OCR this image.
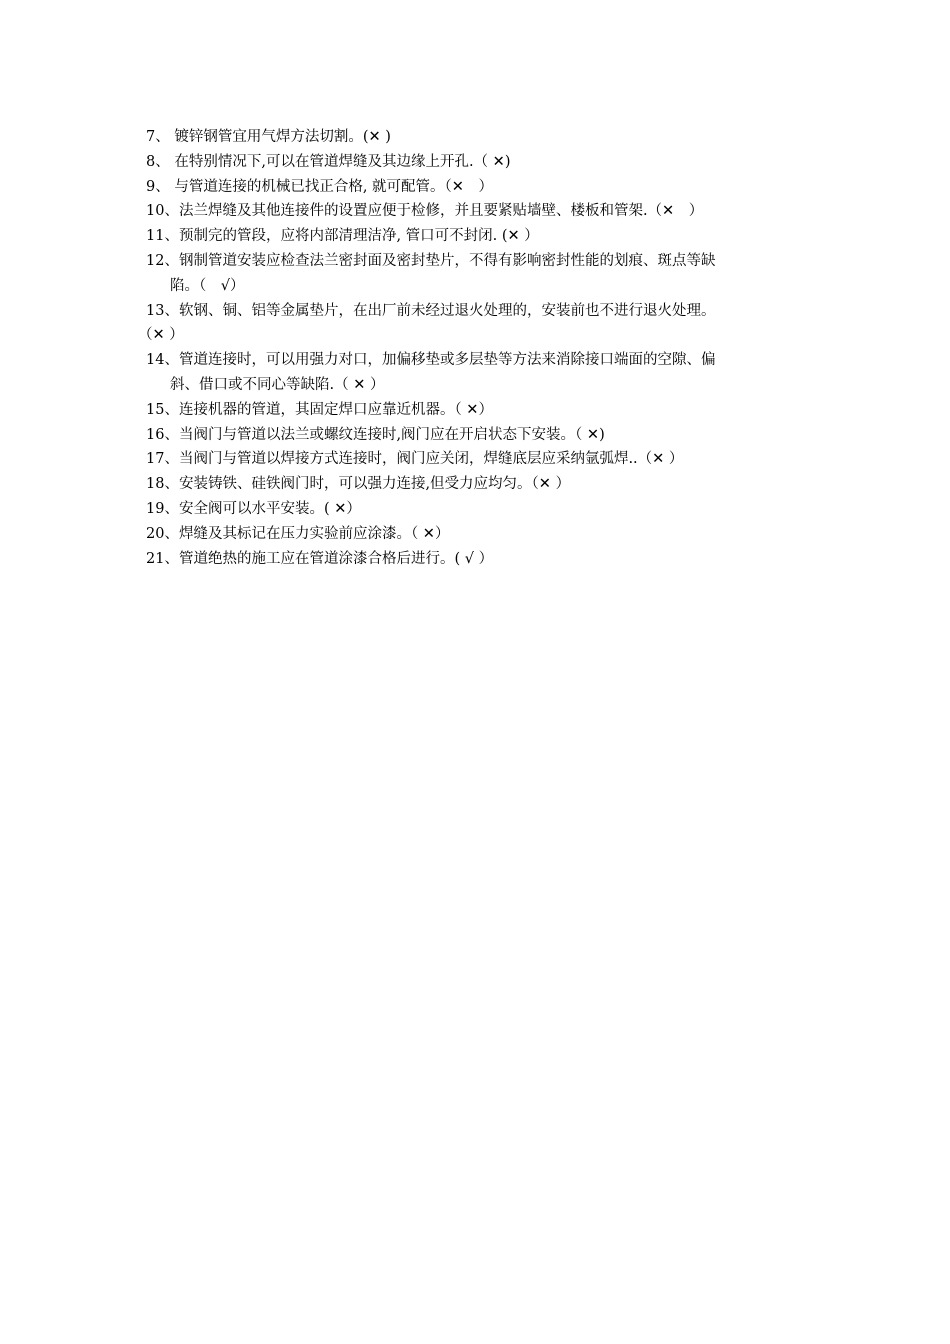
7、 镀锌钢管宜用气焊方法切割。(✕ )
8、 在特别情况下,可以在管道焊缝及其边缘上开孔.（ ✕)
9、 与管道连接的机械已找正合格, 就可配管。（✕　）
10、法兰焊缝及其他连接件的设置应便于检修，并且要紧贴墙壁、楼板和管架.（✕　）
11、预制完的管段，应将内部清理洁净, 管口可不封闭. (✕ ）
12、钢制管道安装应检查法兰密封面及密封垫片，不得有影响密封性能的划痕、斑点等缺
陷。（　√）
13、软钢、铜、铝等金属垫片，在出厂前未经过退火处理的，安装前也不进行退火处理。
（✕ ）
14、管道连接时，可以用强力对口，加偏移垫或多层垫等方法来消除接口端面的空隙、偏
斜、借口或不同心等缺陷.（ ✕ ）
15、连接机器的管道，其固定焊口应靠近机器。（ ✕）
16、当阀门与管道以法兰或螺纹连接时,阀门应在开启状态下安装。（ ✕)
17、当阀门与管道以焊接方式连接时，阀门应关闭，焊缝底层应采纳氩弧焊..（✕ ）
18、安装铸铁、硅铁阀门时，可以强力连接,但受力应均匀。（✕ ）
19、安全阀可以水平安装。( ✕）
20、焊缝及其标记在压力实验前应涂漆。（ ✕）
21、管道绝热的施工应在管道涂漆合格后进行。( √ ）
